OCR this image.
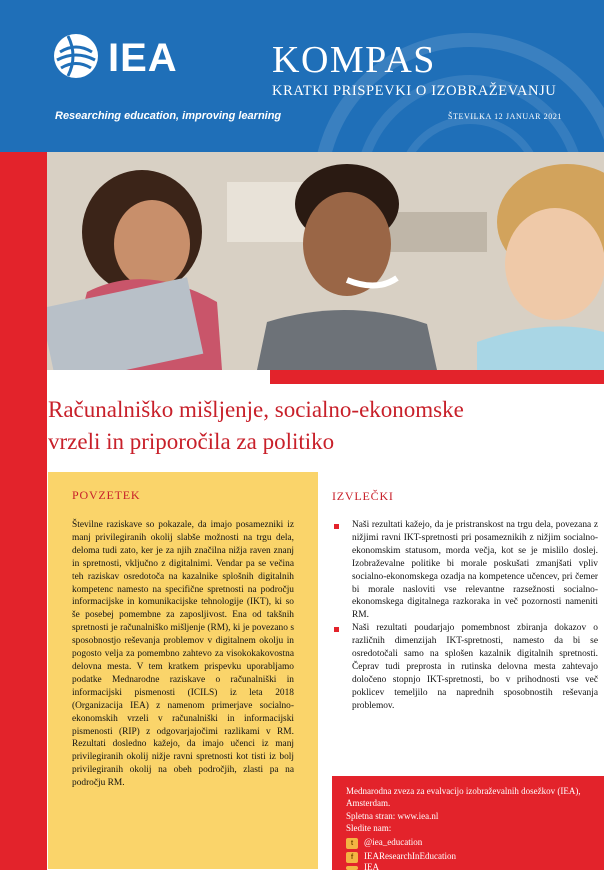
IEA
Researching education, improving learning
KOMPAS
KRATKI PRISPEVKI O IZOBRAŽEVANJU
ŠTEVILKA 12 JANUAR 2021
Računalniško mišljenje, socialno-ekonomske
vrzeli in priporočila za politiko
POVZETEK

Številne raziskave so pokazale, da imajo posamezniki iz manj privilegiranih okolij slabše možnosti na trgu dela, deloma tudi zato, ker je za njih značilna nižja raven znanj in spretnosti, vključno z digitalnimi. Vendar pa se večina teh raziskav osredotoča na kazalnike splošnih digitalnih kompetenc namesto na specifične spretnosti na področju informacijske in komunikacijske tehnologije (IKT), ki so še posebej pomembne za zaposljivost. Ena od takšnih spretnosti je računalniško mišljenje (RM), ki je povezano s sposobnostjo reševanja problemov v digitalnem okolju in pogosto velja za pomembno zahtevo za visokokakovostna delovna mesta. V tem kratkem prispevku uporabljamo podatke Mednarodne raziskave o računalniški in informacijski pismenosti (ICILS) iz leta 2018 (Organizacija IEA) z namenom primerjave socialno-ekonomskih vrzeli v računalniški in informacijski pismenosti (RIP) z odgovarjajočimi razlikami v RM. Rezultati dosledno kažejo, da imajo učenci iz manj privilegiranih okolij nižje ravni spretnosti kot tisti iz bolj privilegiranih okolij na obeh področjih, zlasti pa na področju RM.

IZVLEČKI
Naši rezultati kažejo, da je pristranskost na trgu dela, povezana z nižjimi ravni IKT-spretnosti pri posameznikih z nižjim socialno-ekonomskim statusom, morda večja, kot se je mislilo doslej. Izobraževalne politike bi morale poskušati zmanjšati vpliv socialno-ekonomskega ozadja na kompetence učencev, pri čemer bi morale nasloviti vse relevantne razsežnosti socialno-ekonomskega digitalnega razkoraka in več pozornosti nameniti RM.
Naši rezultati poudarjajo pomembnost zbiranja dokazov o različnih dimenzijah IKT-spretnosti, namesto da bi se osredotočali samo na splošen kazalnik digitalnih spretnosti. Čeprav tudi preprosta in rutinska delovna mesta zahtevajo določeno stopnjo IKT-spretnosti, bo v prihodnosti vse več poklicev temeljilo na naprednih sposobnostih reševanja problemov.
Mednarodna zveza za evalvacijo izobraževalnih dosežkov (IEA),
Amsterdam.
Spletna stran: www.iea.nl
Sledite nam:
t	@iea_education
f	IEAResearchInEducation
IEA
